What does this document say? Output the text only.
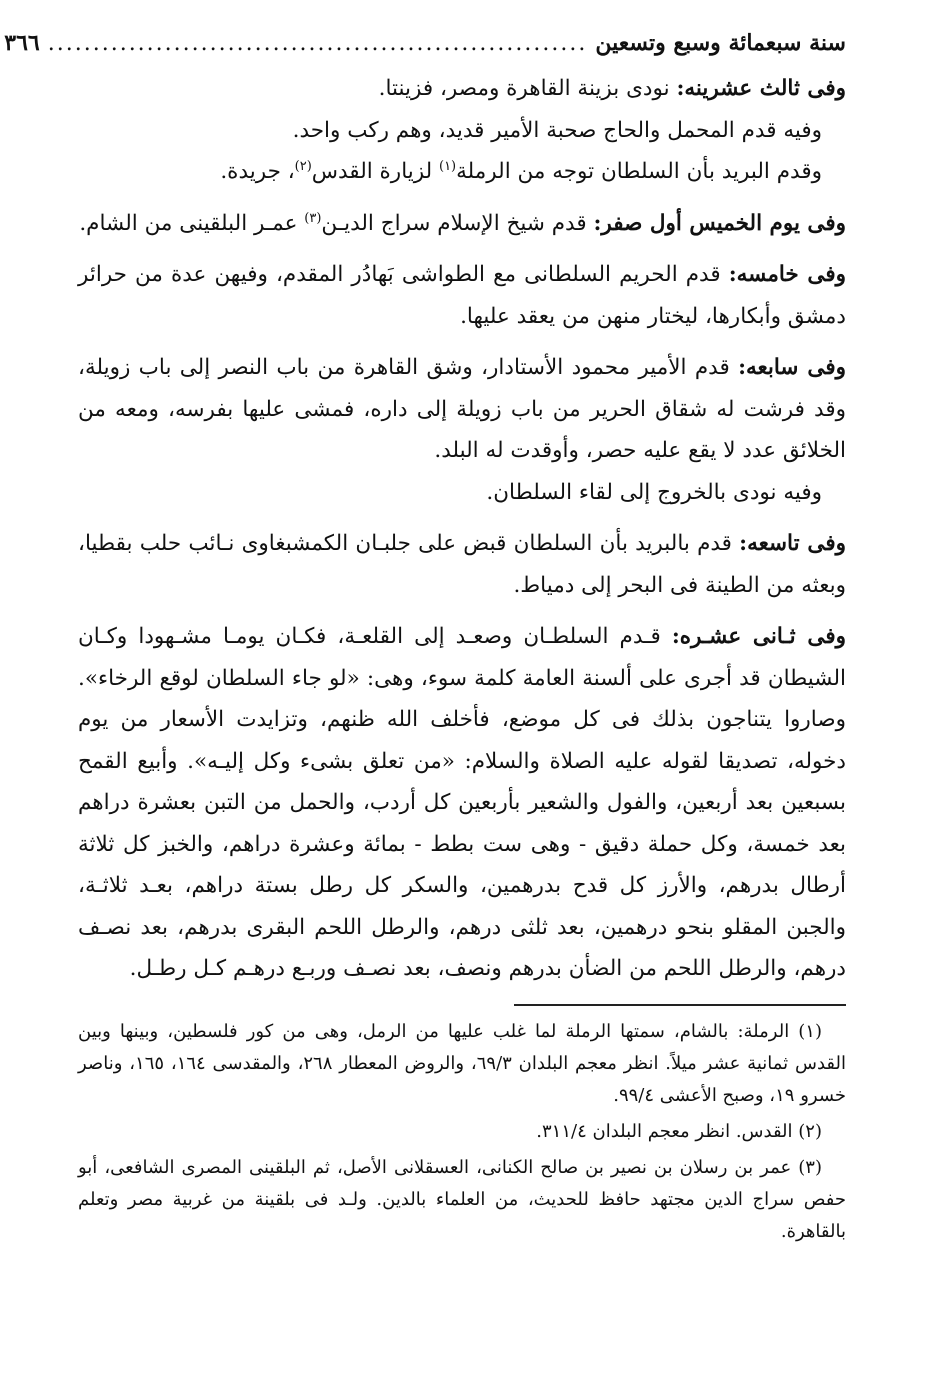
سنة سبعمائة وسبع وتسعين
............................................................
٣٦٦

وفى ثالث عشرينه: نودى بزينة القاهرة ومصر، فزينتا.

وفيه قدم المحمل والحاج صحبة الأمير قديد، وهم ركب واحد.

وقدم البريد بأن السلطان توجه من الرملة$^{(١)}$ لزيارة القدس$^{(٢)}$، جريدة.

وفى يوم الخميس أول صفر: قدم شيخ الإسلام سراج الديـن$^{(٣)}$ عمـر البلقينى من الشام.

وفى خامسه: قدم الحريم السلطانى مع الطواشى بَهادُر المقدم، وفيهن عدة من حرائر دمشق وأبكارها، ليختار منهن من يعقد عليها.

وفى سابعه: قدم الأمير محمود الأستادار، وشق القاهرة من باب النصر إلى باب زويلة، وقد فرشت له شقاق الحرير من باب زويلة إلى داره، فمشى عليها بفرسه، ومعه من الخلائق عدد لا يقع عليه حصر، وأوقدت له البلد.

وفيه نودى بالخروج إلى لقاء السلطان.

وفى تاسعه: قدم بالبريد بأن السلطان قبض على جلبـان الكمشبغاوى نـائب حلب بقطيا، وبعثه من الطينة فى البحر إلى دمياط.

وفى ثـانى عشـره: قـدم السلطـان وصعـد إلى القلعـة، فكـان يومـا مشـهودا وكـان الشيطان قد أجرى على ألسنة العامة كلمة سوء، وهى: «لو جاء السلطان لوقع الرخاء». وصاروا يتناجون بذلك فى كل موضع، فأخلف الله ظنهم، وتزايدت الأسعار من يوم دخوله، تصديقا لقوله عليه الصلاة والسلام: «من تعلق بشىء وكل إليـه». وأبيع القمح بسبعين بعد أربعين، والفول والشعير بأربعين كل أردب، والحمل من التبن بعشرة دراهم بعد خمسة، وكل حملة دقيق - وهى ست بطط - بمائة وعشرة دراهم، والخبز كل ثلاثة أرطال بدرهم، والأرز كل قدح بدرهمين، والسكر كل رطل بستة دراهم، بعـد ثلاثـة، والجبن المقلو بنحو درهمين، بعد ثلثى درهم، والرطل اللحم البقرى بدرهم، بعد نصـف درهم، والرطل اللحم من الضأن بدرهم ونصف، بعد نصـف وربـع درهـم كـل رطـل.

(١) الرملة: بالشام، سمتها الرملة لما غلب عليها من الرمل، وهى من كور فلسطين، وبينها وبين القدس ثمانية عشر ميلاً. انظر معجم البلدان ٦٩/٣، والروض المعطار ٢٦٨، والمقدسى ١٦٤، ١٦٥، وناصر خسرو ١٩، وصبح الأعشى ٩٩/٤.

(٢) القدس. انظر معجم البلدان ٣١١/٤.

(٣) عمر بن رسلان بن نصير بن صالح الكنانى، العسقلانى الأصل، ثم البلقينى المصرى الشافعى، أبو حفص سراج الدين مجتهد حافظ للحديث، من العلماء بالدين. ولـد فى بلقينة من غربية مصر وتعلم بالقاهرة.
